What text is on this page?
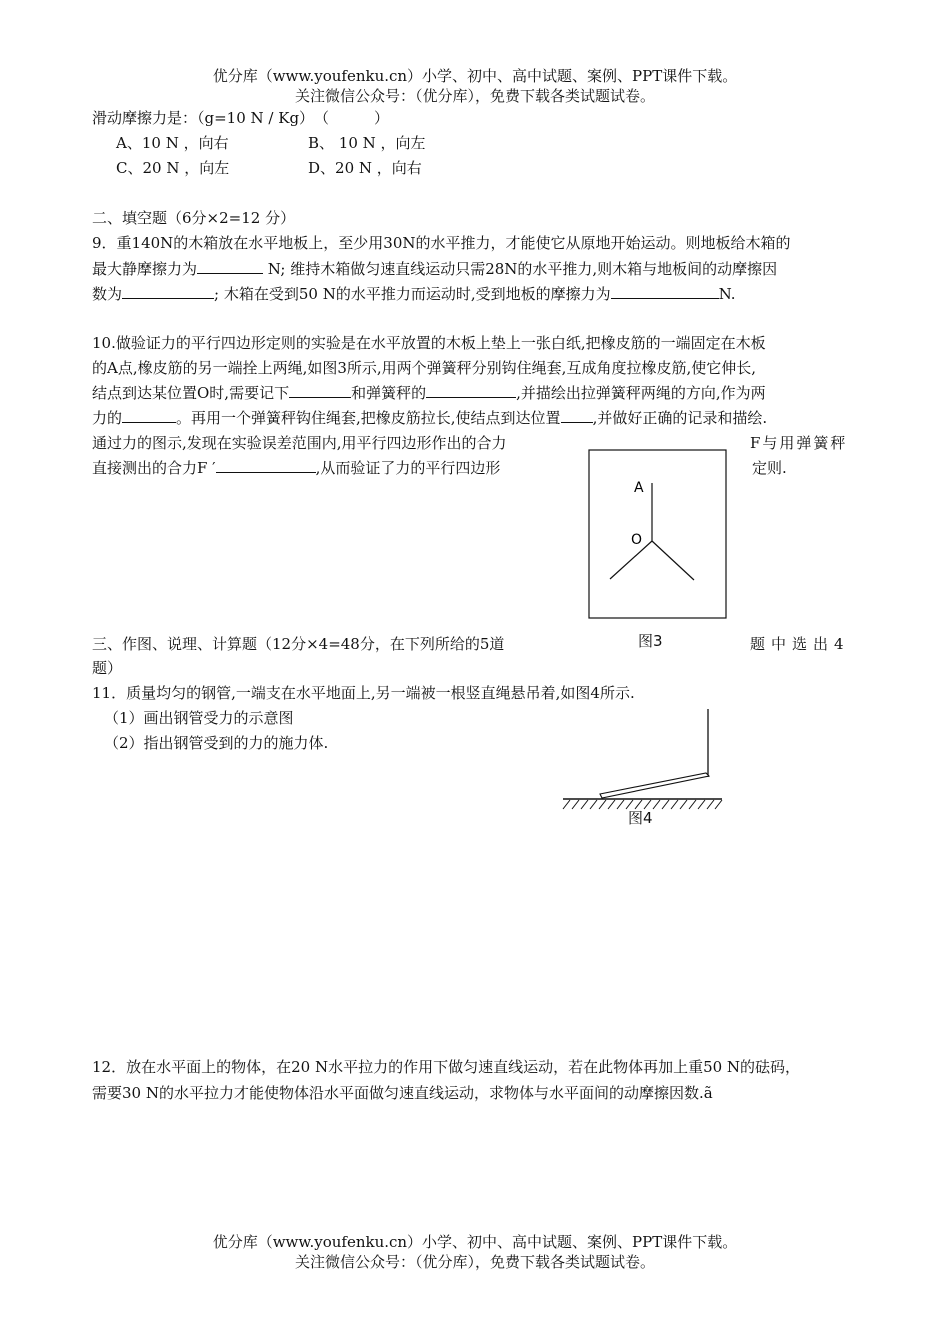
优分库（www.youfenku.cn）小学、初中、高中试题、案例、PPT课件下载。
关注微信公众号：（优分库），免费下载各类试题试卷。
滑动摩擦力是：（g=10 N / Kg）　（　　　）
A、10 N ，向右	B、 10 N ，向左
C、20 N ，向左	D、20 N ，向右
二、填空题（6分×2=12 分）
9．重140N的木箱放在水平地板上，至少用30N的水平推力，才能使它从原地开始运动。则地板给木箱的
最大静摩擦力为	N; 维持木箱做匀速直线运动只需28N的水平推力,则木箱与地板间的动摩擦因
数为	; 木箱在受到50 N的水平推力而运动时,受到地板的摩擦力为	N.
10.做验证力的平行四边形定则的实验是在水平放置的木板上垫上一张白纸,把橡皮筋的一端固定在木板
的A点,橡皮筋的另一端拴上两绳,如图3所示,用两个弹簧秤分别钩住绳套,互成角度拉橡皮筋,使它伸长,
结点到达某位置O时,需要记下	和弹簧秤的	,并描绘出拉弹簧秤两绳的方向,作为两
力的	。再用一个弹簧秤钩住绳套,把橡皮筋拉长,使结点到达位置 ,并做好正确的记录和描绘.
通过力的图示,发现在实验误差范围内,用平行四边形作出的合力	F与用弹簧秤
直接测出的合力F ′	,从而验证了力的平行四边形	定则.
A
O
图3
三、作图、说理、计算题（12分×4=48分，在下列所给的5道	题中选出4
题）
11．质量均匀的钢管,一端支在水平地面上,另一端被一根竖直绳悬吊着,如图4所示.
（1）画出钢管受力的示意图
（2）指出钢管受到的力的施力体.
图4
12．放在水平面上的物体，在20 N水平拉力的作用下做匀速直线运动，若在此物体再加上重50 N的砝码，
需要30 N的水平拉力才能使物体沿水平面做匀速直线运动，求物体与水平面间的动摩擦因数.ã
优分库（www.youfenku.cn）小学、初中、高中试题、案例、PPT课件下载。
关注微信公众号：（优分库），免费下载各类试题试卷。
